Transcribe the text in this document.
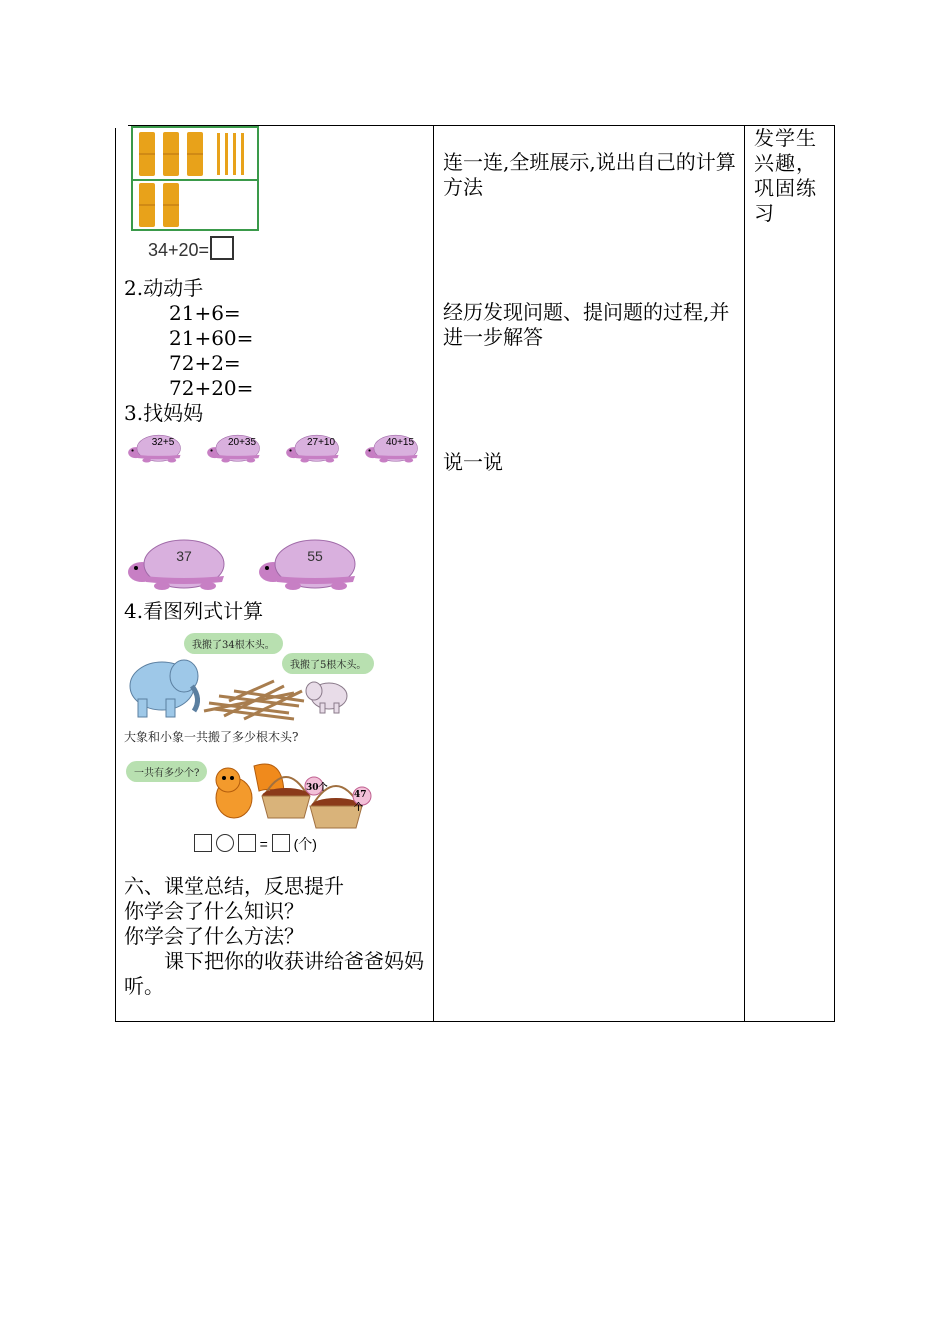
34+20=
2.动动手
21+6=
21+60=
72+2=
72+20=
3.找妈妈
32+5	20+35	27+10	40+15
37	55
4.看图列式计算
我搬了34根木头。
我搬了5根木头。
大象和小象一共搬了多少根木头?
一共有多少个?
30个
47个
= (个)
六、课堂总结，反思提升
你学会了什么知识？
你学会了什么方法？
　　课下把你的收获讲给爸爸妈妈听。
连一连,全班展示,说出自己的计算方法
经历发现问题、提问题的过程,并进一步解答
说一说
发学生兴趣，巩固练习
